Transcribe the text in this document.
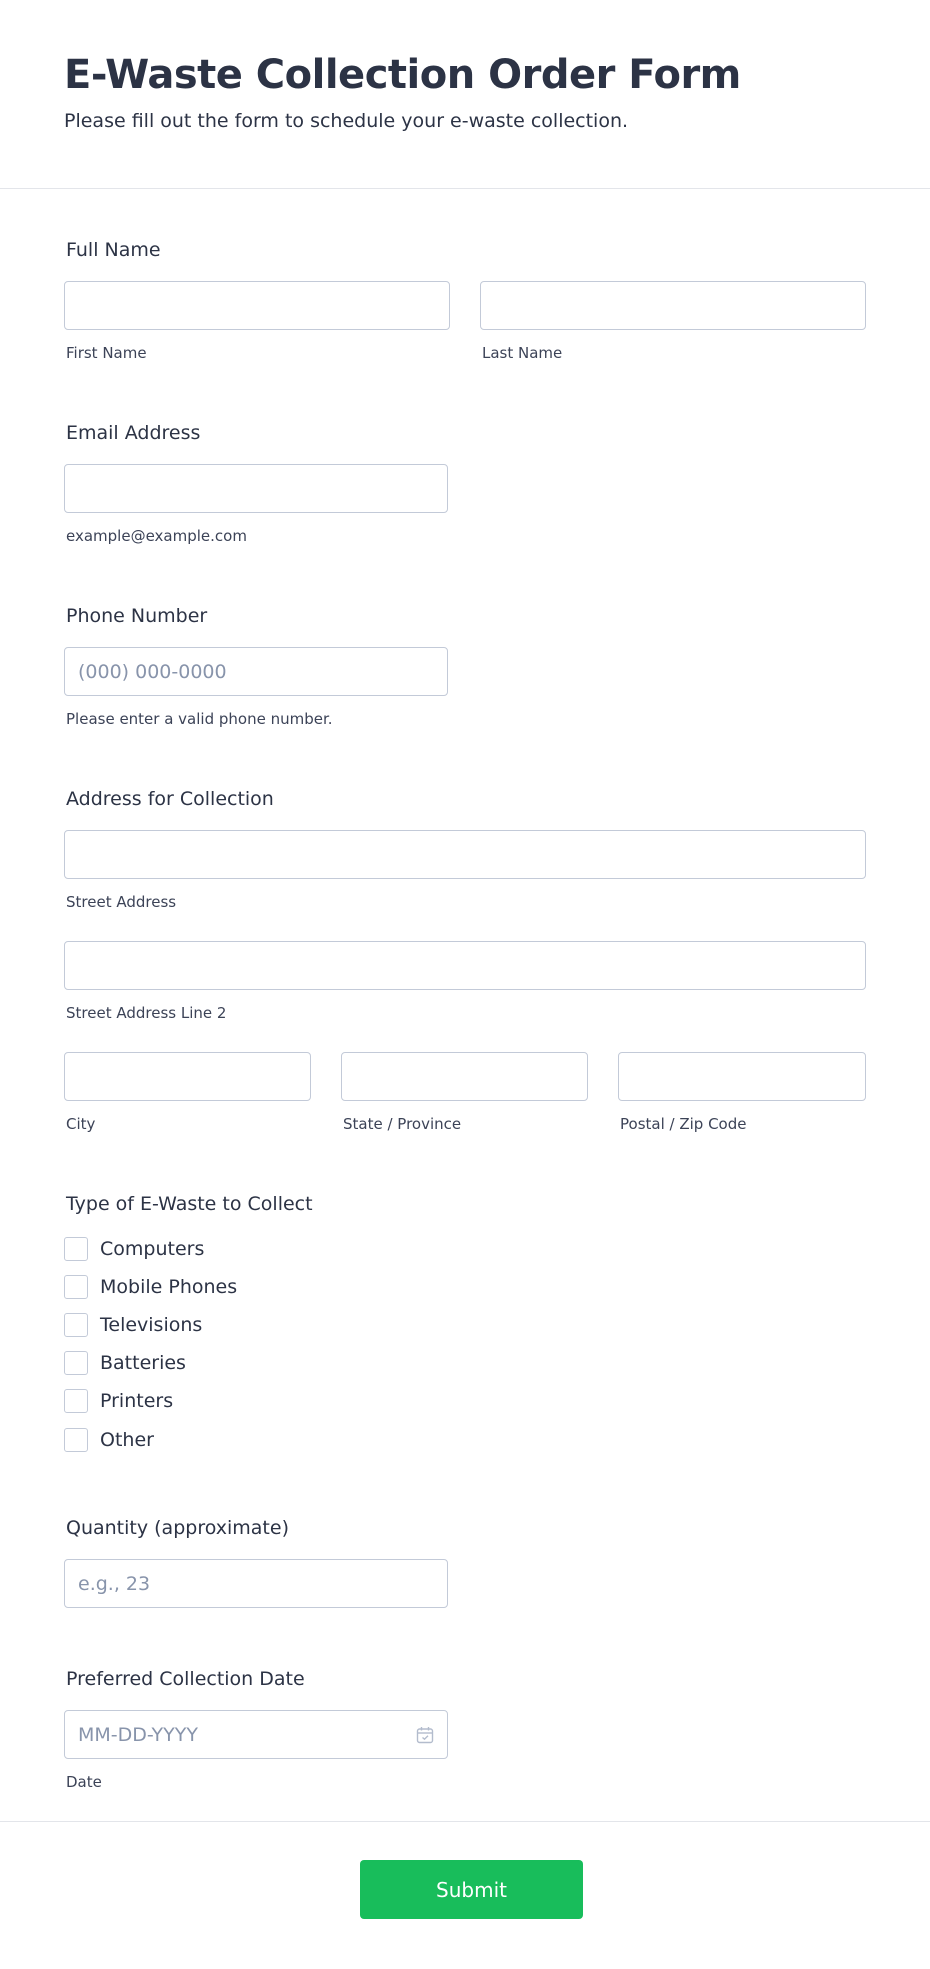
E-Waste Collection Order Form
Please fill out the form to schedule your e-waste collection.
Full Name
First Name	Last Name
Email Address
example@example.com
Phone Number
(000) 000-0000
Please enter a valid phone number.
Address for Collection
Street Address
Street Address Line 2
City	State / Province	Postal / Zip Code
Type of E-Waste to Collect
Computers
Mobile Phones
Televisions
Batteries
Printers
Other
Quantity (approximate)
e.g., 23
Preferred Collection Date
MM-DD-YYYY
Date
Submit
